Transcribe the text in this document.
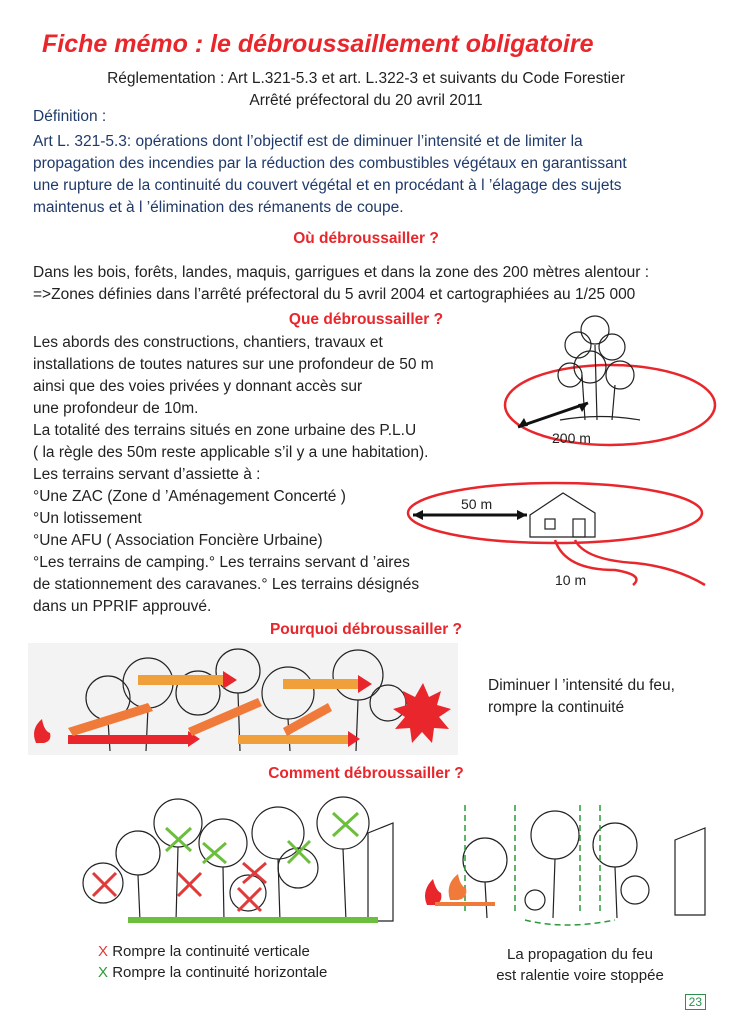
Fiche mémo : le débroussaillement obligatoire
Réglementation : Art L.321-5.3 et art. L.322-3 et suivants du Code Forestier
Arrêté préfectoral du 20 avril 2011
Définition :
Art L. 321-5.3: opérations dont l’objectif est de diminuer l’intensité et de limiter la
propagation des incendies par la réduction des combustibles végétaux en garantissant
une rupture de la continuité du couvert végétal et en procédant à l ’élagage des sujets
maintenus et à l ’élimination des rémanents de coupe.
Où débroussailler ?
Dans les bois, forêts, landes, maquis, garrigues et dans la zone des 200 mètres alentour :
=>Zones définies dans l’arrêté préfectoral du 5 avril 2004 et cartographiées au 1/25 000
Que débroussailler ?
Les abords des constructions, chantiers, travaux et
installations de toutes natures sur une profondeur de 50 m
ainsi que des voies privées y donnant accès sur
une profondeur de 10m.
La totalité des terrains situés en zone urbaine des P.L.U
( la règle des 50m reste applicable s’il y a une habitation).
Les terrains servant d’assiette à :
°Une ZAC (Zone d ’Aménagement Concerté )
°Un lotissement
°Une AFU ( Association Foncière Urbaine)
°Les terrains de camping.° Les terrains servant d ’aires
de stationnement des caravanes.° Les terrains désignés
dans un PPRIF approuvé.
200 m
50 m
10 m
Pourquoi débroussailler ?
Diminuer l ’intensité du feu,
rompre la continuité
Comment débroussailler ?
X Rompre la continuité verticale
X Rompre la continuité horizontale
La propagation du feu
est ralentie voire stoppée
23
